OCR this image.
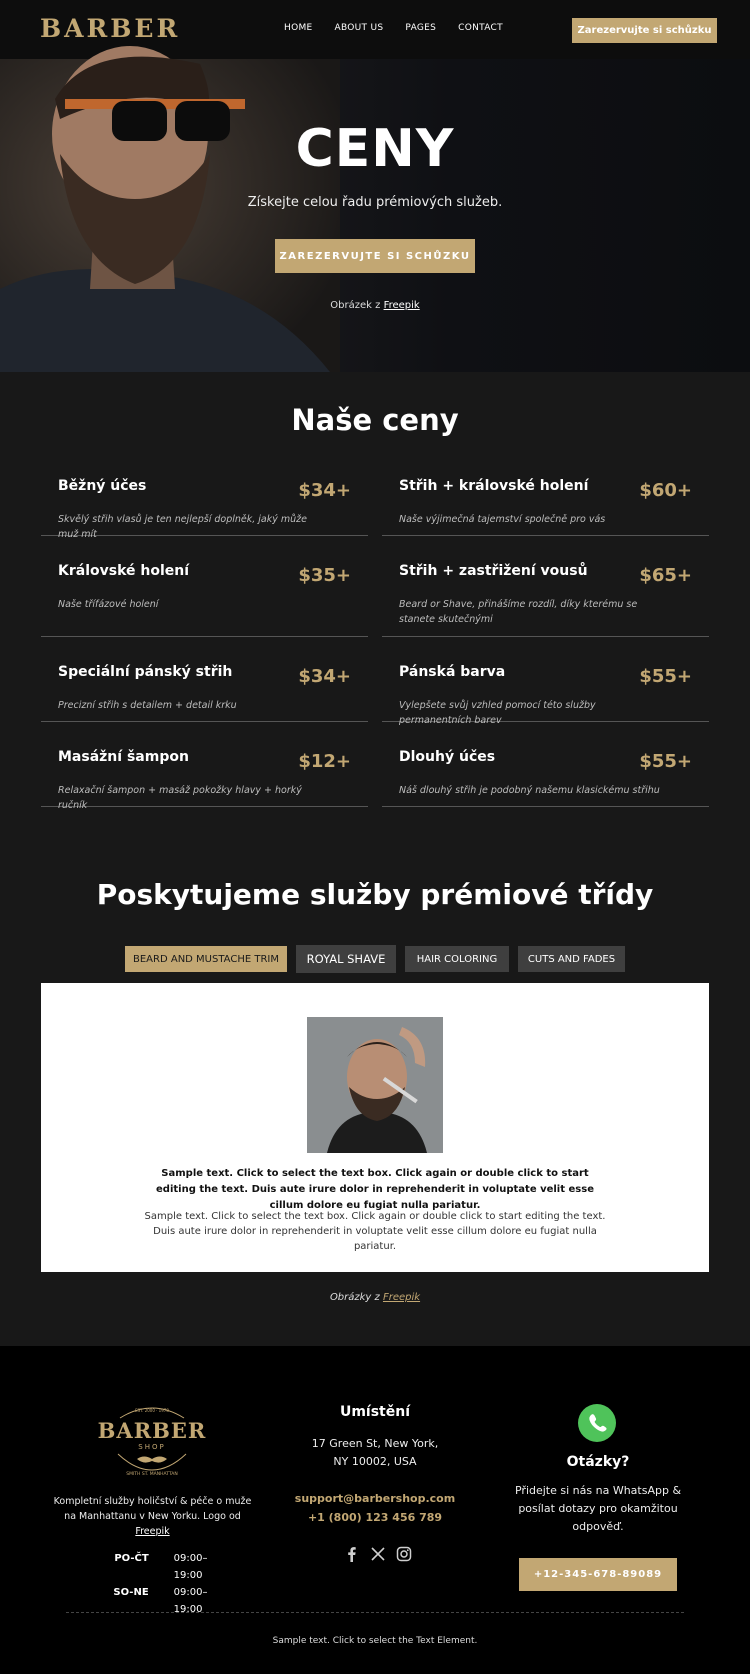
BARBER	HOME ABOUT US PAGES CONTACT	Zarezervujte si schůzku
CENY
Získejte celou řadu prémiových služeb.
ZAREZERVUJTE SI SCHŮZKU
Obrázek z Freepik
Naše ceny
Běžný účes	$34+
Skvělý střih vlasů je ten nejlepší doplněk, jaký může muž mít
Střih + královské holení	$60+
Naše výjimečná tajemství společně pro vás
Královské holení	$35+
Naše třífázové holení
Střih + zastřižení vousů	$65+
Beard or Shave, přinášíme rozdíl, díky kterému se stanete skutečnými
Speciální pánský střih	$34+
Precizní střih s detailem + detail krku
Pánská barva	$55+
Vylepšete svůj vzhled pomocí této služby permanentních barev
Masážní šampon	$12+
Relaxační šampon + masáž pokožky hlavy + horký ručník
Dlouhý účes	$55+
Náš dlouhý střih je podobný našemu klasickému střihu
Poskytujeme služby prémiové třídy
BEARD AND MUSTACHE TRIM	ROYAL SHAVE	HAIR COLORING	CUTS AND FADES
Sample text. Click to select the text box. Click again or double click to start editing the text. Duis aute irure dolor in reprehenderit in voluptate velit esse cillum dolore eu fugiat nulla pariatur.
Sample text. Click to select the text box. Click again or double click to start editing the text. Duis aute irure dolor in reprehenderit in voluptate velit esse cillum dolore eu fugiat nulla pariatur.
Obrázky z Freepik
EST. 2000 · 1978
BARBER
SHOP
SMITH ST. MANHATTAN
Kompletní služby holičství & péče o muže na Manhattanu v New Yorku. Logo od Freepik
PO-ČT	09:00–19:00
SO-NE	09:00–19:00
Umístění
17 Green St, New York,
NY 10002, USA
support@barbershop.com
+1 (800) 123 456 789
Otázky?
Přidejte si nás na WhatsApp & posílat dotazy pro okamžitou odpověď.
+12-345-678-89089
Sample text. Click to select the Text Element.
